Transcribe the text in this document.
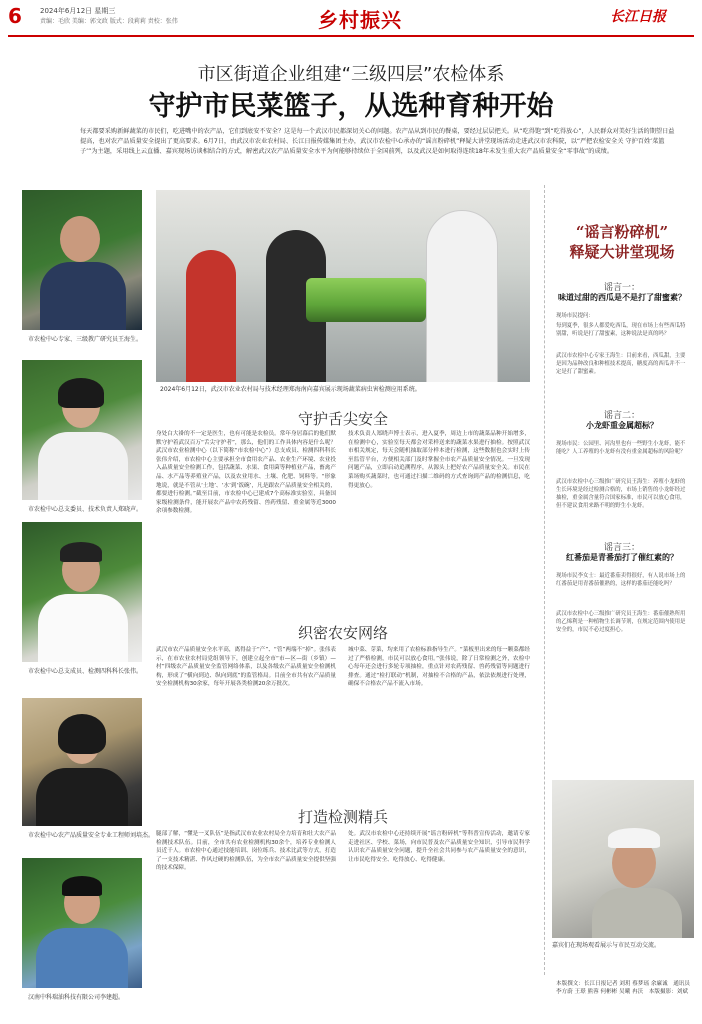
6	2024年6月12日 星期三
责编：毛欣 美编：郭文政 版式：段莉莉 责校：张伟	乡村振兴	长江日报
市区街道企业组建“三级四层”农检体系
守护市民菜篮子，从选种育种开始
每天都要采购新鲜蔬菜的市民们，吃进嘴中的农产品，它们到底安不安全？这是每一个武汉市民都深切关心的问题。农产品从到市民的餐桌，要经过层层把关。从“吃得饱”到“吃得放心”，人民群众对美好生活的期望日益提高，也对农产品质量安全提出了更高要求。6月7日，由武汉市农业农村局、长江日报传媒集团主办，武汉市农检中心承办的“谣言粉碎机”释疑大讲堂现场活动走进武汉市农科院，以“严把农检安全关 守护百姓‘菜篮子’”为主题，采用线上云直播、嘉宾现场访谈相结合的方式，解密武汉农产品质量安全水平为何能够持续位于全国前列，以及武汉是如何取得连续18年未发生重大农产品质量安全“零事故”的成绩。
市农检中心专家、三级教广研究员王海生。
市农检中心总支委员、技术负责人郑晓声。
市农检中心总支成员、检测四科科长张伟。
市农检中心农产品质量安全专业工程师刘培杰。
汉南中科瑞油科技有限公司李建超。
2024年6月12日，武汉市农业农村局与技术经理郑海南向嘉宾展示现场蔬菜病虫害检测应用系统。
守护舌尖安全
身处白大褂的不一定是医生，也有可能是农检员。常年身居幕后的他们默默守护着武汉百万“舌尖守护者”，那么，他们的工作具体内容是什么呢？武汉市农业检测中心（以下简称“市农检中心”）总支成员、检测四科科长张伟介绍，市农检中心主要承担全市食用农产品、农业生产环境、农业投入品质量安全检测工作，包括蔬菜、水果、食用菌等种植业产品，畜禽产品、水产品等养殖业产品，以及农业用水、土壤、化肥、饲料等。“形象地说，就是不管从‘土地’、‘水’到‘饭碗’，凡是跟农产品质量安全相关的，都要进行检测。”截至目前，市农检中心已建成7个高标准实验室，具备国家级检测条件，能开展农产品中农药残留、兽药残留、重金属等近3000余项参数检测。
技术负责人郑晓声博士表示，进入夏季，周边上市的蔬菜品种开始增多，在检测中心，实验室每天都会对采样送来的蔬菜水果进行抽检。按照武汉市相关规定，每天会随机抽取部分样本进行检测，这些数据也会实时上传至监管平台，方便相关部门及时掌握全市农产品质量安全情况。一旦发现问题产品，立即启动追溯程序，从源头上把好农产品质量安全关。市民在菜场购买蔬菜时，也可通过扫描二维码的方式查询到产品的检测信息，吃得更放心。
织密农安网络
武汉市农产品质量安全水平高，离得益于“产”、“管”两端不“掉”。张伟表示，在市农业农村局党组领导下，创建立起全市“市—区—街（乡镇）—村”四级农产品质量安全监管网络体系，以及各级农产品质量安全检测机构，形成了“横向到边、纵向到底”的监管格局。目前全市共有农产品质量安全检测机构30余家，每年开展各类检测20余万批次。
城中菜、芽菜，均来用了农检标准指导生产。“菜板里出来的每一颗菜都经过了严格检测，市民可以放心食用。”张伟说，除了日常检测之外，农检中心每年还会进行多轮专项抽检，重点针对农药残留、兽药残留等问题进行排查。通过“检打联动”机制，对抽检不合格的产品，依法依规进行处理，确保不合格农产品不流入市场。
打造检测精兵
腿部了解，“懂是一叉队伍”是指武汉市农业农村局全力培育和壮大农产品检测技术队伍。目前，全市共有农业检测机构30余个，培养专业检测人员近千人。市农检中心通过技能培训、岗位练兵、技术比武等方式，打造了一支技术精湛、作风过硬的检测队伍，为全市农产品质量安全提供坚强的技术保障。
处。武汉市农检中心还持续开展“谣言粉碎机”等科普宣传活动，邀请专家走进社区、学校、菜场，向市民普及农产品质量安全知识，引导市民科学认识农产品质量安全问题，提升全社会共同参与农产品质量安全的意识，让市民吃得安全、吃得放心、吃得健康。
“谣言粉碎机”
释疑大讲堂现场
谣言一：
味道过甜的西瓜是不是打了甜蜜素？
现场市民提问：
每到夏季，很多人都爱吃西瓜，现在市场上有些西瓜特别甜，听说是打了甜蜜素，这种说法是真的吗？
武汉市农检中心专家王海生：目前来看，西瓜甜，主要是因为品种改良和种植技术提高，糖度高的西瓜并不一定是打了甜蜜素。
谣言二：
小龙虾重金属超标？
现场市民：公园里、河沟里也有一些野生小龙虾，能不能吃？人工养殖的小龙虾有没有重金属超标的风险呢？
武汉市农检中心三级推广研究员王海生：养殖小龙虾的生长环境是经过检测合格的，市场上销售的小龙虾经过抽检，重金属含量符合国家标准，市民可以放心食用，但不建议食用来路不明的野生小龙虾。
谣言三：
红番茄是青番茄打了催红素的？
现场市民李女士：最近番茄卖得很好，有人说市场上的红番茄是用青番茄催熟的，这样的番茄还能吃吗？
武汉市农检中心三级推广研究员王海生：番茄催熟所用的乙烯利是一种植物生长调节剂，在规定范围内使用是安全的，市民不必过度担心。
嘉宾们在现场观看展示与市民互动交流。
本版撰文：长江日报记者 刘玥 蔡梦瑶 余廉诚　通讯员 李方蔚 王璟 熊蓉 何彬彬 吴曦 冉沃　本版摄影：刘斌
